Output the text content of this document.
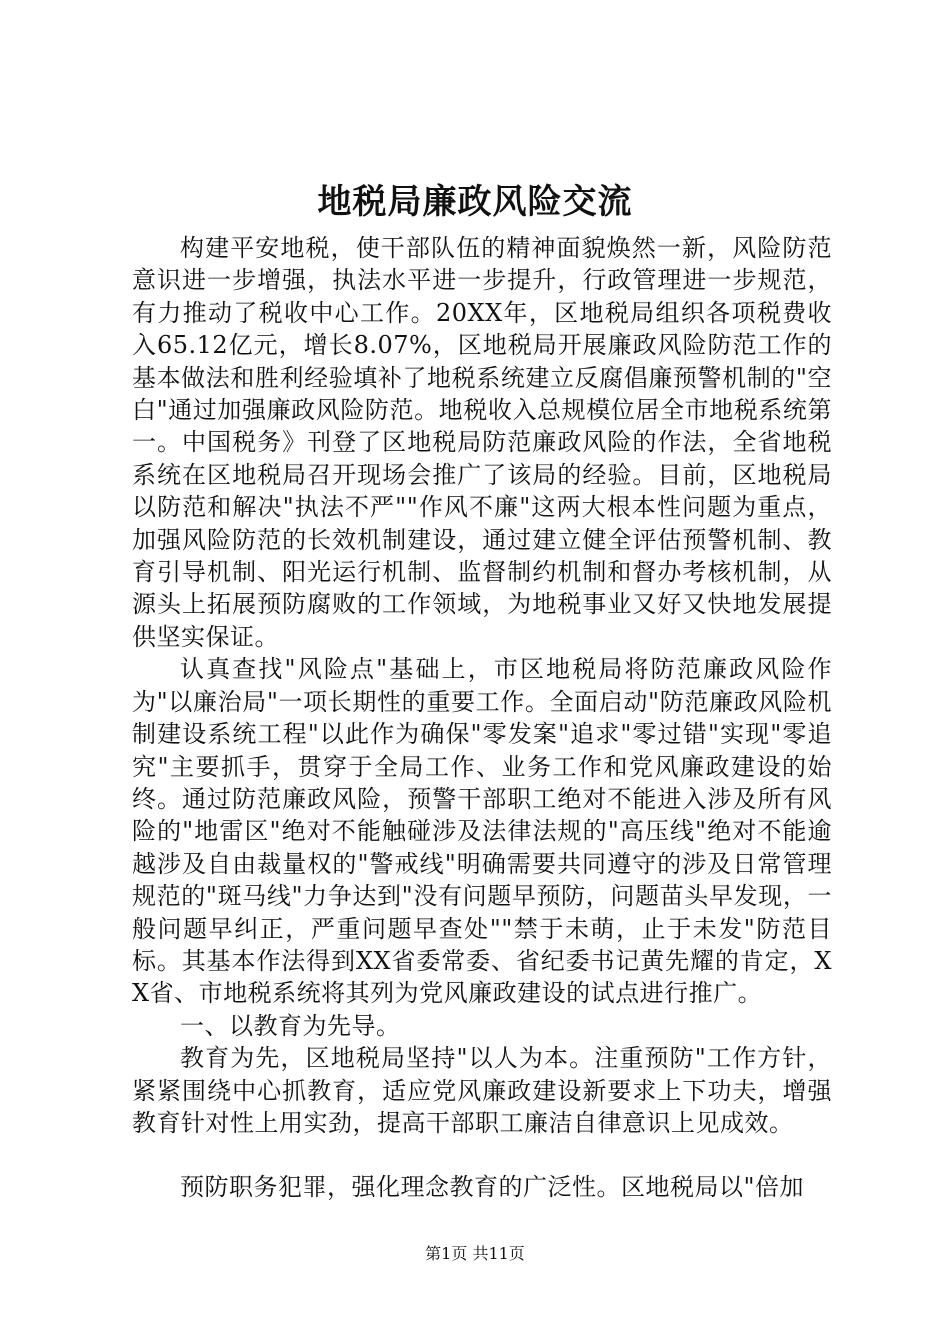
地税局廉政风险交流

构建平安地税，使干部队伍的精神面貌焕然一新，风险防范意识进一步增强，执法水平进一步提升，行政管理进一步规范，有力推动了税收中心工作。20XX年，区地税局组织各项税费收入65.12亿元，增长8.07%，区地税局开展廉政风险防范工作的基本做法和胜利经验填补了地税系统建立反腐倡廉预警机制的"空白"通过加强廉政风险防范。地税收入总规模位居全市地税系统第一。中国税务》刊登了区地税局防范廉政风险的作法，全省地税系统在区地税局召开现场会推广了该局的经验。目前，区地税局以防范和解决"执法不严""作风不廉"这两大根本性问题为重点，加强风险防范的长效机制建设，通过建立健全评估预警机制、教育引导机制、阳光运行机制、监督制约机制和督办考核机制，从源头上拓展预防腐败的工作领域，为地税事业又好又快地发展提供坚实保证。

认真查找"风险点"基础上，市区地税局将防范廉政风险作为"以廉治局"一项长期性的重要工作。全面启动"防范廉政风险机制建设系统工程"以此作为确保"零发案"追求"零过错"实现"零追究"主要抓手，贯穿于全局工作、业务工作和党风廉政建设的始终。通过防范廉政风险，预警干部职工绝对不能进入涉及所有风险的"地雷区"绝对不能触碰涉及法律法规的"高压线"绝对不能逾越涉及自由裁量权的"警戒线"明确需要共同遵守的涉及日常管理规范的"斑马线"力争达到"没有问题早预防，问题苗头早发现，一般问题早纠正，严重问题早查处""禁于未萌，止于未发"防范目标。其基本作法得到XX省委常委、省纪委书记黄先耀的肯定，XX省、市地税系统将其列为党风廉政建设的试点进行推广。

一、以教育为先导。

教育为先，区地税局坚持"以人为本。注重预防"工作方针，紧紧围绕中心抓教育，适应党风廉政建设新要求上下功夫，增强教育针对性上用实劲，提高干部职工廉洁自律意识上见成效。

预防职务犯罪，强化理念教育的广泛性。区地税局以"倍加

第1页 共11页
